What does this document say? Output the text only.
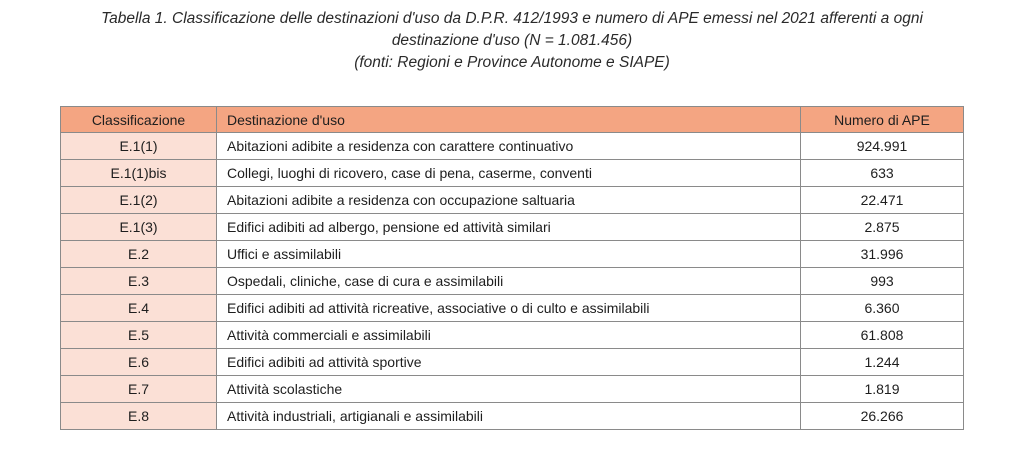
Tabella 1. Classificazione delle destinazioni d'uso da D.P.R. 412/1993 e numero di APE emessi nel 2021 afferenti a ogni
destinazione d'uso (N = 1.081.456)
(fonti: Regioni e Province Autonome e SIAPE)
Classificazione	Destinazione d'uso	Numero di APE
E.1(1)	Abitazioni adibite a residenza con carattere continuativo	924.991
E.1(1)bis	Collegi, luoghi di ricovero, case di pena, caserme, conventi	633
E.1(2)	Abitazioni adibite a residenza con occupazione saltuaria	22.471
E.1(3)	Edifici adibiti ad albergo, pensione ed attività similari	2.875
E.2	Uffici e assimilabili	31.996
E.3	Ospedali, cliniche, case di cura e assimilabili	993
E.4	Edifici adibiti ad attività ricreative, associative o di culto e assimilabili	6.360
E.5	Attività commerciali e assimilabili	61.808
E.6	Edifici adibiti ad attività sportive	1.244
E.7	Attività scolastiche	1.819
E.8	Attività industriali, artigianali e assimilabili	26.266
